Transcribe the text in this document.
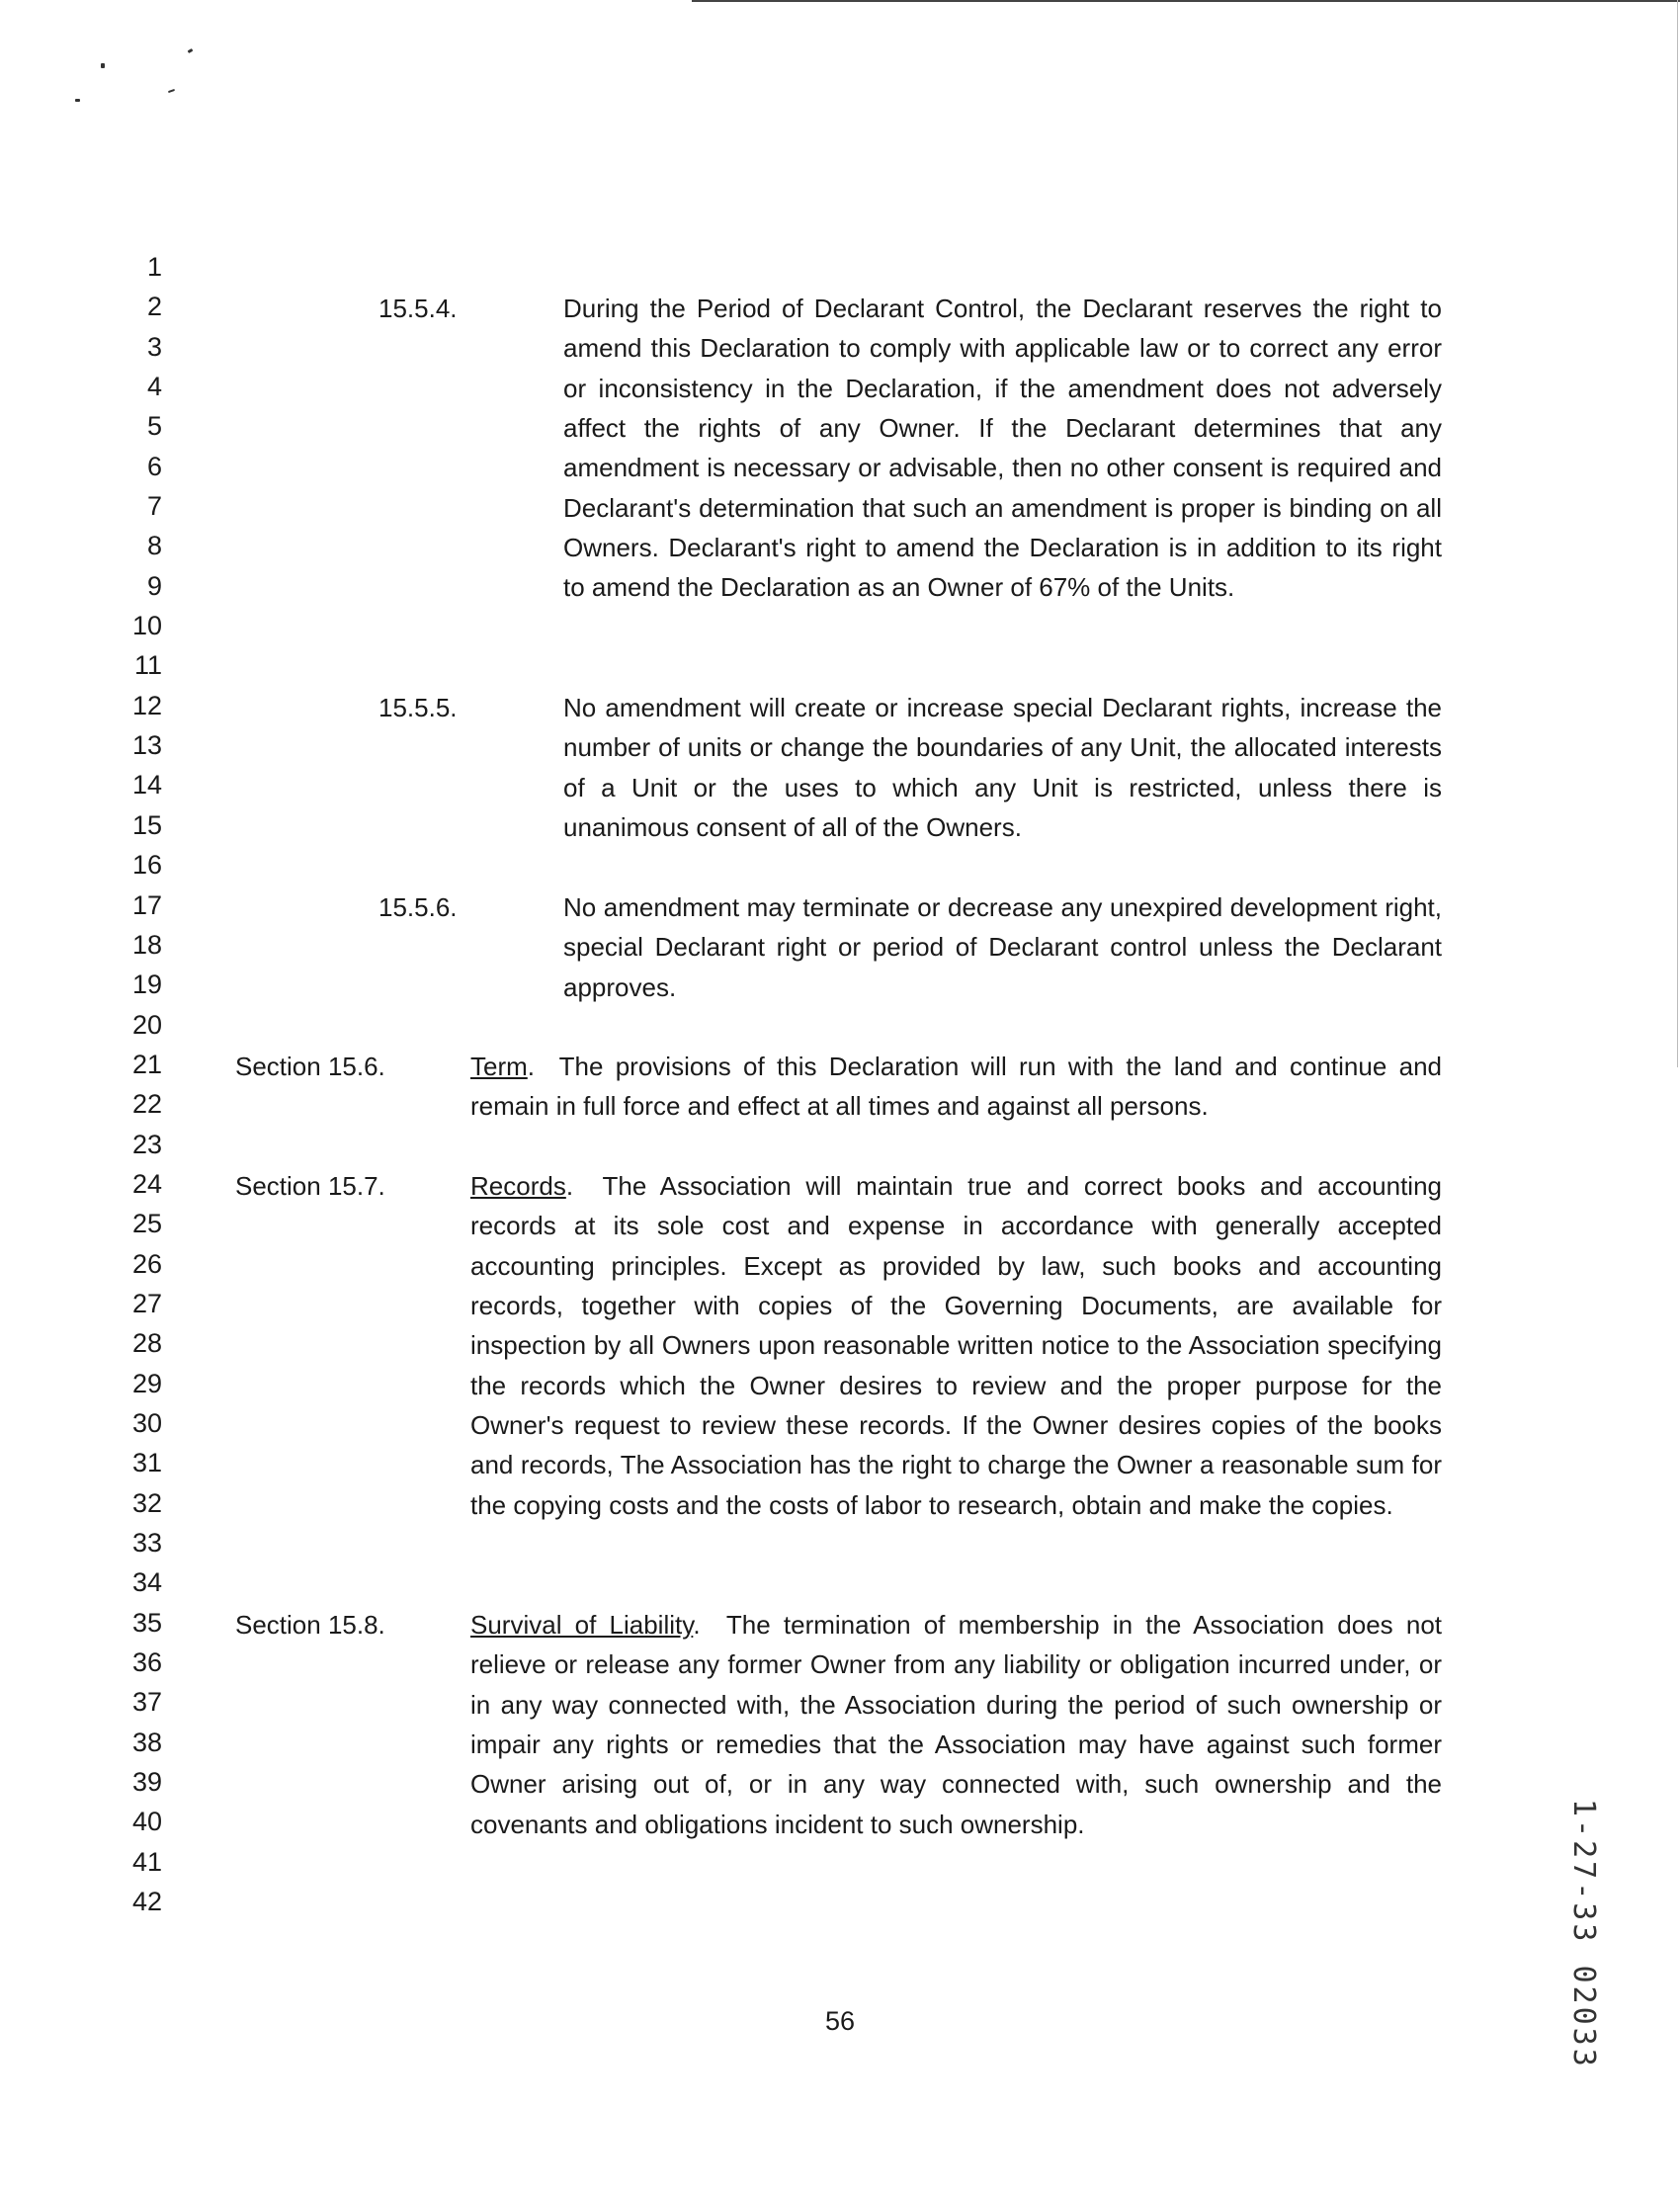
1
2
3
4
5
6
7
8
9
10
11
12
13
14
15
16
17
18
19
20
21
22
23
24
25
26
27
28
29
30
31
32
33
34
35
36
37
38
39
40
41
42
15.5.4.	During the Period of Declarant Control, the Declarant reserves the right to amend this Declaration to comply with applicable law or to correct any error or inconsistency in the Declaration, if the amendment does not adversely affect the rights of any Owner. If the Declarant determines that any amendment is necessary or advisable, then no other consent is required and Declarant's determination that such an amendment is proper is binding on all Owners. Declarant's right to amend the Declaration is in addition to its right to amend the Declaration as an Owner of 67% of the Units.
15.5.5.	No amendment will create or increase special Declarant rights, increase the number of units or change the boundaries of any Unit, the allocated interests of a Unit or the uses to which any Unit is restricted, unless there is unanimous consent of all of the Owners.
15.5.6.	No amendment may terminate or decrease any unexpired development right, special Declarant right or period of Declarant control unless the Declarant approves.
Section 15.6.	Term.  The provisions of this Declaration will run with the land and continue and remain in full force and effect at all times and against all persons.
Section 15.7.	Records.  The Association will maintain true and correct books and accounting records at its sole cost and expense in accordance with generally accepted accounting principles. Except as provided by law, such books and accounting records, together with copies of the Governing Documents, are available for inspection by all Owners upon reasonable written notice to the Association specifying the records which the Owner desires to review and the proper purpose for the Owner's request to review these records. If the Owner desires copies of the books and records, The Association has the right to charge the Owner a reasonable sum for the copying costs and the costs of labor to research, obtain and make the copies.
Section 15.8.	Survival of Liability.  The termination of membership in the Association does not relieve or release any former Owner from any liability or obligation incurred under, or in any way connected with, the Association during the period of such ownership or impair any rights or remedies that the Association may have against such former Owner arising out of, or in any way connected with, such ownership and the covenants and obligations incident to such ownership.
56	1-27-33 02033
